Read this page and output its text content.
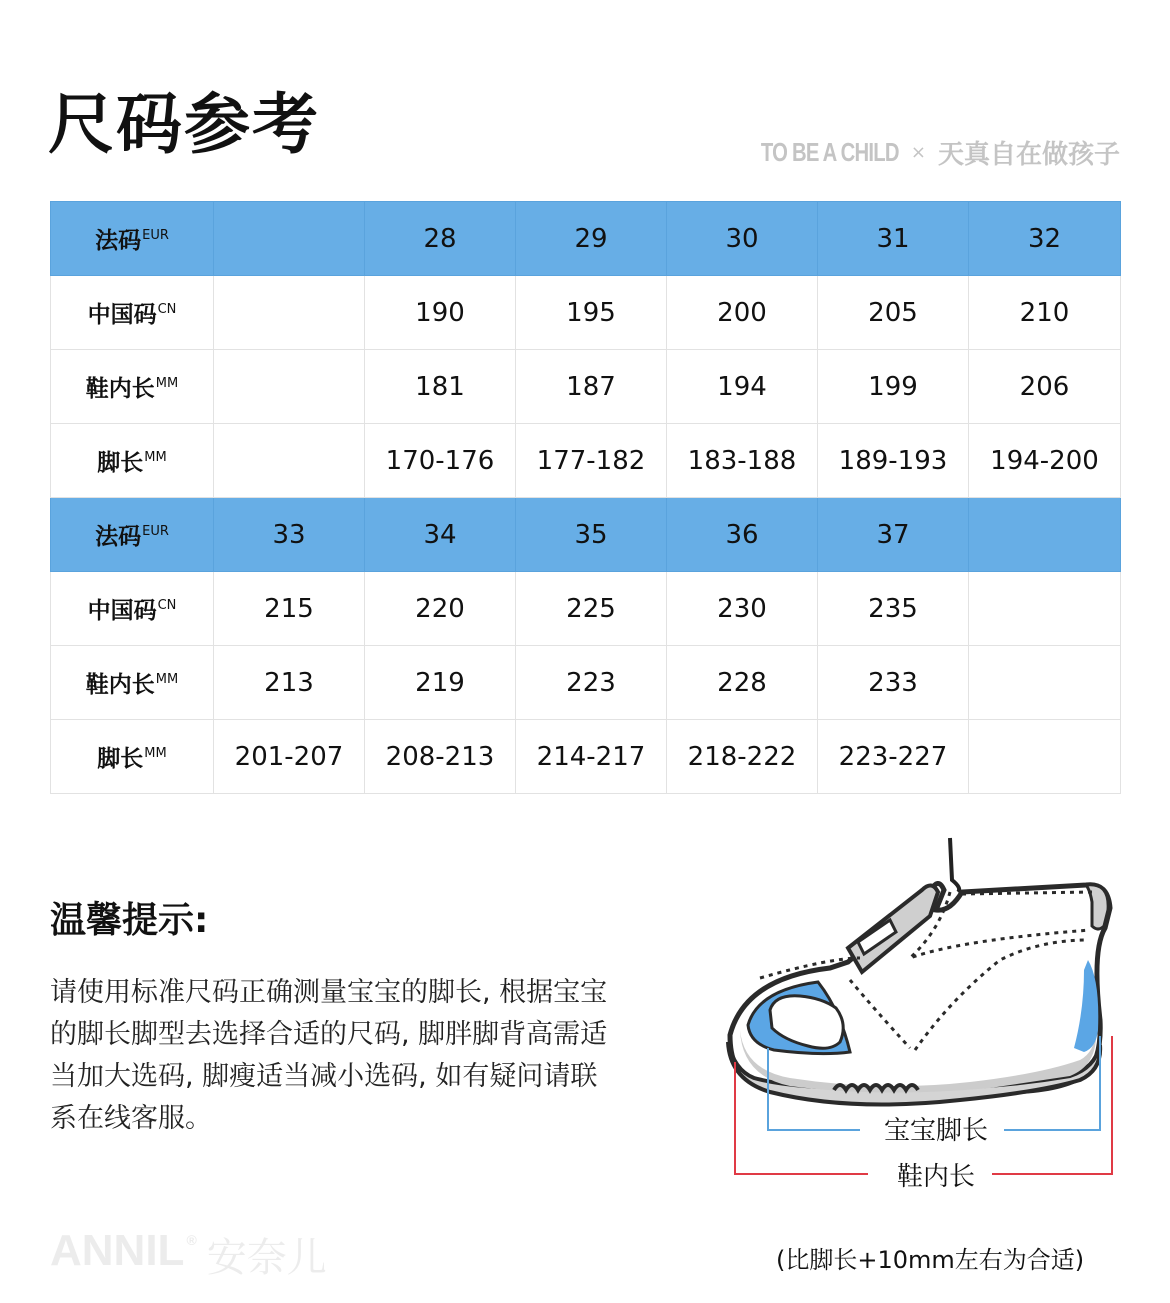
尺码参考	TO BE A CHILD × 天真自在做孩子
法码$^{EUR}$		28	29	30	31	32
中国码$^{CN}$		190	195	200	205	210
鞋内长$^{MM}$		181	187	194	199	206
脚长$^{MM}$		170-176	177-182	183-188	189-193	194-200
法码$^{EUR}$	33	34	35	36	37	
中国码$^{CN}$	215	220	225	230	235	
鞋内长$^{MM}$	213	219	223	228	233	
脚长$^{MM}$	201-207	208-213	214-217	218-222	223-227	
温馨提示:
请使用标准尺码正确测量宝宝的脚长, 根据宝宝的脚长脚型去选择合适的尺码, 脚胖脚背高需适当加大选码, 脚瘦适当减小选码, 如有疑问请联系在线客服。	宝宝脚长
鞋内长
(比脚长+10mm左右为合适)
ANNIL® 安奈儿
